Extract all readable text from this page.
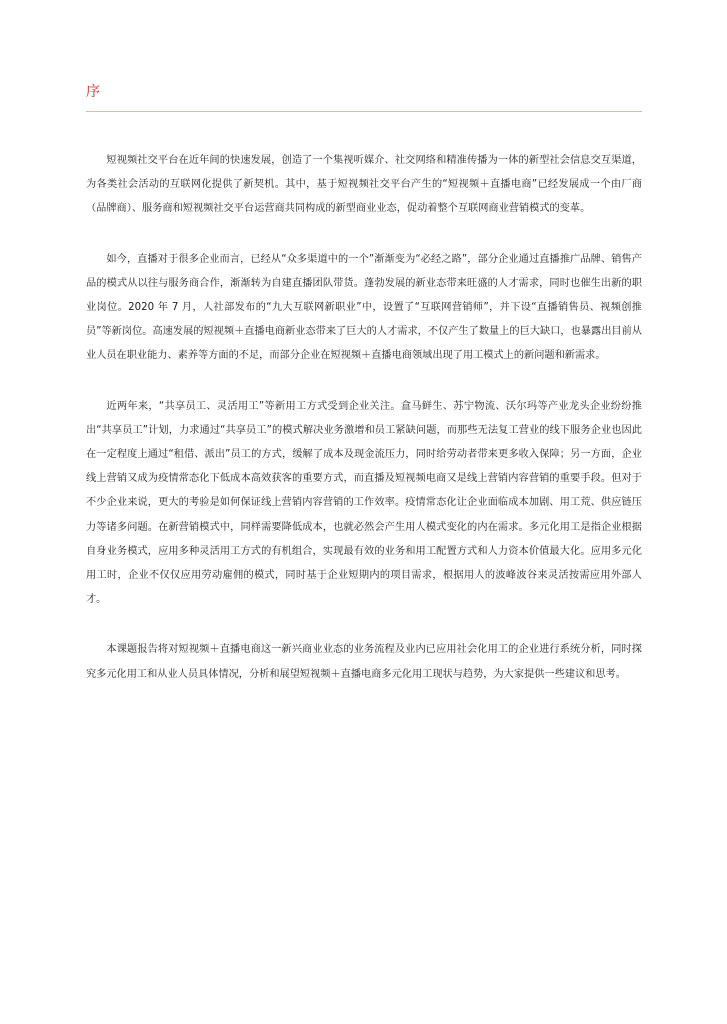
序

短视频社交平台在近年间的快速发展，创造了一个集视听媒介、社交网络和精准传播为一体的新型社会信息交互渠道，为各类社会活动的互联网化提供了新契机。其中，基于短视频社交平台产生的“短视频＋直播电商”已经发展成一个由厂商（品牌商）、服务商和短视频社交平台运营商共同构成的新型商业业态，促动着整个互联网商业营销模式的变革。

如今，直播对于很多企业而言，已经从“众多渠道中的一个”渐渐变为“必经之路”，部分企业通过直播推广品牌、销售产品的模式从以往与服务商合作，渐渐转为自建直播团队带货。蓬勃发展的新业态带来旺盛的人才需求，同时也催生出新的职业岗位。2020 年 7 月，人社部发布的“九大互联网新职业”中，设置了“互联网营销师”，并下设“直播销售员、视频创推员”等新岗位。高速发展的短视频＋直播电商新业态带来了巨大的人才需求，不仅产生了数量上的巨大缺口，也暴露出目前从业人员在职业能力、素养等方面的不足，而部分企业在短视频＋直播电商领域出现了用工模式上的新问题和新需求。

近两年来，“共享员工、灵活用工”等新用工方式受到企业关注。盒马鲜生、苏宁物流、沃尔玛等产业龙头企业纷纷推出“共享员工”计划，力求通过“共享员工”的模式解决业务激增和员工紧缺问题，而那些无法复工营业的线下服务企业也因此在一定程度上通过“租借、派出”员工的方式，缓解了成本及现金流压力，同时给劳动者带来更多收入保障；另一方面，企业线上营销又成为疫情常态化下低成本高效获客的重要方式，而直播及短视频电商又是线上营销内容营销的重要手段。但对于不少企业来说，更大的考验是如何保证线上营销内容营销的工作效率。疫情常态化让企业面临成本加剧、用工荒、供应链压力等诸多问题。在新营销模式中，同样需要降低成本，也就必然会产生用人模式变化的内在需求。多元化用工是指企业根据自身业务模式，应用多种灵活用工方式的有机组合，实现最有效的业务和用工配置方式和人力资本价值最大化。应用多元化用工时，企业不仅仅应用劳动雇佣的模式，同时基于企业短期内的项目需求，根据用人的波峰波谷来灵活按需应用外部人才。

本课题报告将对短视频＋直播电商这一新兴商业业态的业务流程及业内已应用社会化用工的企业进行系统分析，同时探究多元化用工和从业人员具体情况，分析和展望短视频＋直播电商多元化用工现状与趋势，为大家提供一些建议和思考。
